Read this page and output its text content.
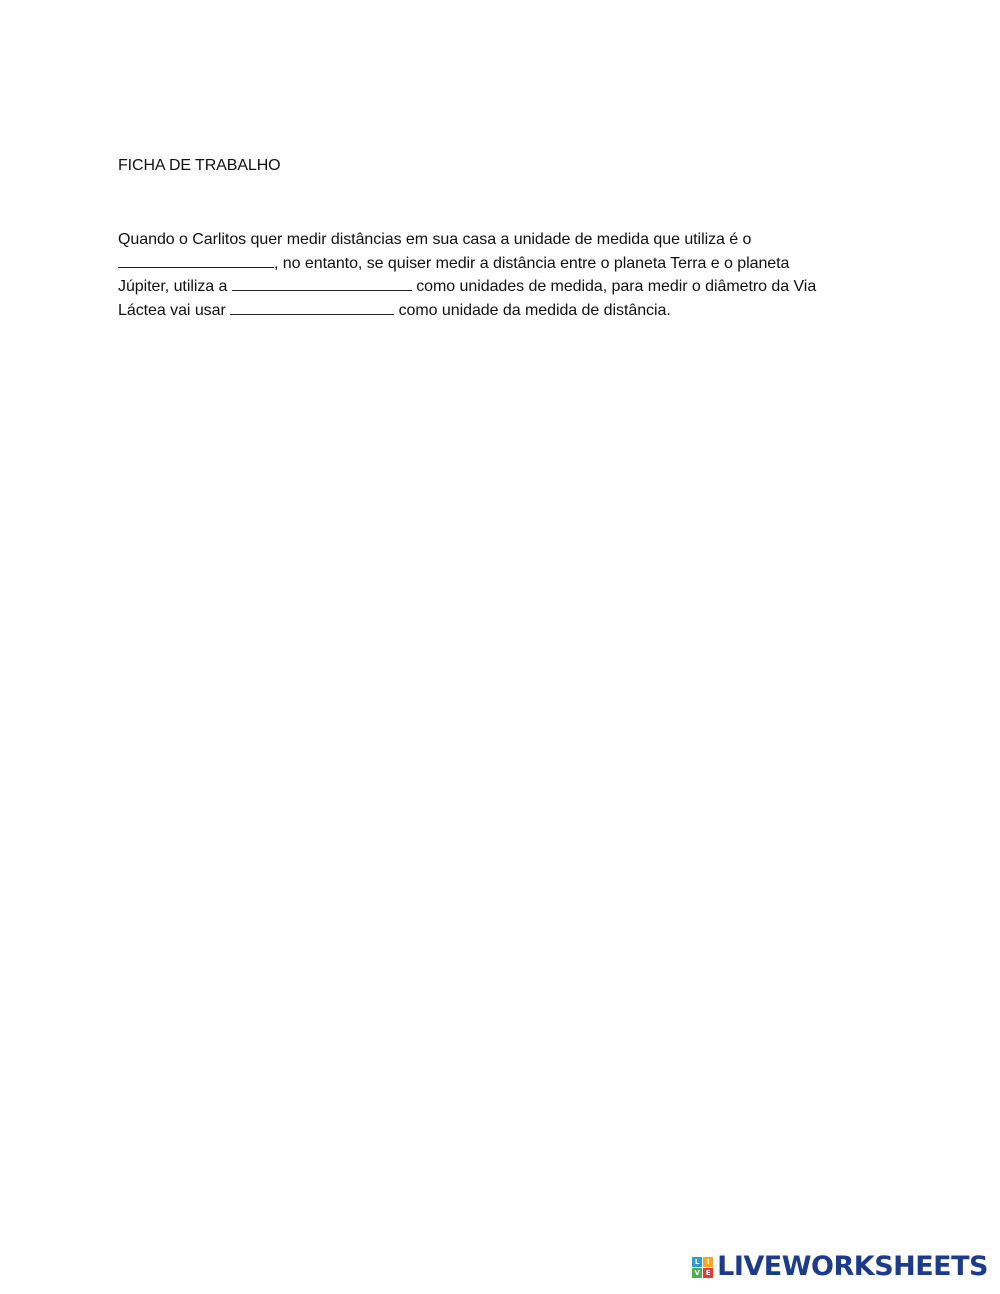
FICHA DE TRABALHO
Quando o Carlitos quer medir distâncias em sua casa a unidade de medida que utiliza é o
, no entanto, se quiser medir a distância entre o planeta Terra e o planeta
Júpiter, utiliza a	como unidades de medida, para medir o diâmetro da Via
Láctea vai usar	como unidade da medida de distância.
L	I
V E LIVEWORKSHEETS
